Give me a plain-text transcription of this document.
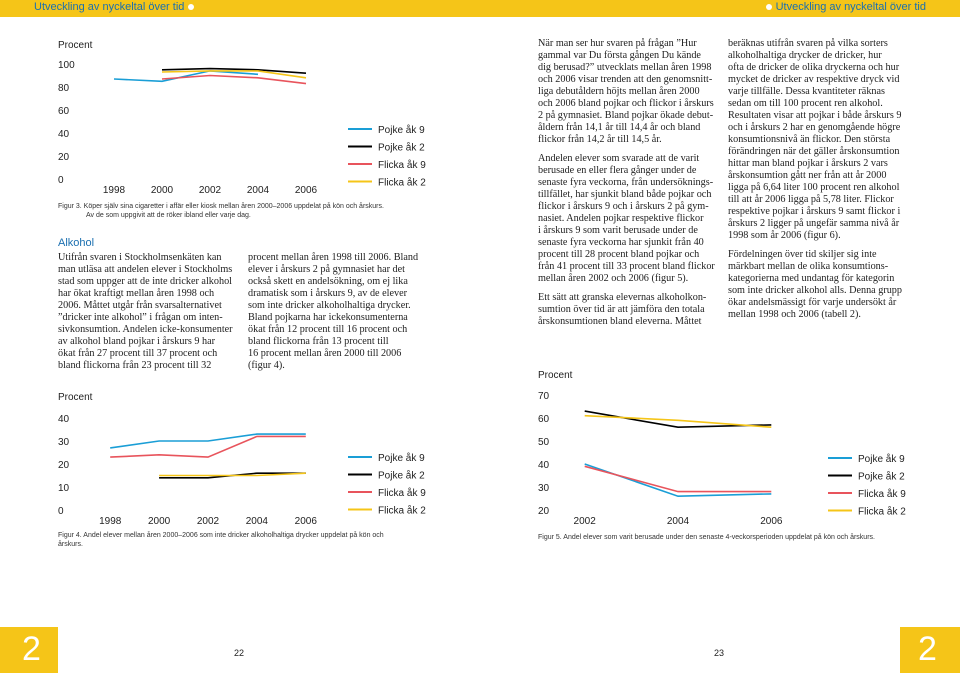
Utveckling av nyckeltal över tid	Utveckling av nyckeltal över tid
Procent
0
20
40
60
80
100
1998	2000	2002	2004	2006
Pojke åk 9
Pojke åk 2
Flicka åk 9
Flicka åk 2
Figur 3. Köper själv sina cigaretter i affär eller kiosk mellan åren 2000–2006 uppdelat på kön och årskurs.
Av de som uppgivit att de röker ibland eller varje dag.
Alkohol
Utifrån svaren i Stockholmsenkäten kan
man utläsa att andelen elever i Stockholms
stad som uppger att de inte dricker alkohol
har ökat kraftigt mellan åren 1998 och
2006. Måttet utgår från svarsalternativet
”dricker inte alkohol” i frågan om inten-
sivkonsumtion. Andelen icke-konsumenter
av alkohol bland pojkar i årskurs 9 har
ökat från 27 procent till 37 procent och
bland flickorna från 23 procent till 32
procent mellan åren 1998 till 2006. Bland
elever i årskurs 2 på gymnasiet har det
också skett en andelsökning, om ej lika
dramatisk som i årskurs 9, av de elever
som inte dricker alkoholhaltiga drycker.
Bland pojkarna har ickekonsumenterna
ökat från 12 procent till 16 procent och
bland flickorna från 13 procent till
16 procent mellan åren 2000 till 2006
(figur 4).
Procent
0
10
20
30
40
1998	2000	2002	2004	2006
Pojke åk 9
Pojke åk 2
Flicka åk 9
Flicka åk 2
Figur 4. Andel elever mellan åren 2000–2006 som inte dricker alkoholhaltiga drycker uppdelat på kön och
årskurs.

När man ser hur svaren på frågan ”Hur
gammal var Du första gången Du kände
dig berusad?” utvecklats mellan åren 1998
och 2006 visar trenden att den genomsnitt-
liga debutåldern höjts mellan åren 2000
och 2006 bland pojkar och flickor i årskurs
2 på gymnasiet. Bland pojkar ökade debut-
åldern från 14,1 år till 14,4 år och bland
flickor från 14,2 år till 14,5 år.

Andelen elever som svarade att de varit
berusade en eller flera gånger under de
senaste fyra veckorna, från undersöknings-
tillfället, har sjunkit bland både pojkar och
flickor i årskurs 9 och i årskurs 2 på gym-
nasiet. Andelen pojkar respektive flickor
i årskurs 9 som varit berusade under de
senaste fyra veckorna har sjunkit från 40
procent till 28 procent bland pojkar och
från 41 procent till 33 procent bland flickor
mellan åren 2002 och 2006 (figur 5).

Ett sätt att granska elevernas alkoholkon-
sumtion över tid är att jämföra den totala
årskonsumtionen bland eleverna. Måttet

beräknas utifrån svaren på vilka sorters
alkoholhaltiga drycker de dricker, hur
ofta de dricker de olika dryckerna och hur
mycket de dricker av respektive dryck vid
varje tillfälle. Dessa kvantiteter räknas
sedan om till 100 procent ren alkohol.
Resultaten visar att pojkar i både årskurs 9
och i årskurs 2 har en genomgående högre
konsumtionsnivå än flickor. Den största
förändringen när det gäller årskonsumtion
hittar man bland pojkar i årskurs 2 vars
årskonsumtion gått ner från att år 2000
ligga på 6,64 liter 100 procent ren alkohol
till att år 2006 ligga på 5,78 liter. Flickor
respektive pojkar i årskurs 9 samt flickor i
årskurs 2 ligger på ungefär samma nivå år
1998 som år 2006 (figur 6).

Fördelningen över tid skiljer sig inte
märkbart mellan de olika konsumtions-
kategorierna med undantag för kategorin
som inte dricker alkohol alls. Denna grupp
ökar andelsmässigt för varje undersökt år
mellan 1998 och 2006 (tabell 2).

Procent
20
30
40
50
60
70
2002	2004	2006
Pojke åk 9
Pojke åk 2
Flicka åk 9
Flicka åk 2
Figur 5. Andel elever som varit berusade under den senaste 4-veckorsperioden uppdelat på kön och årskurs.
2	2
22	23
